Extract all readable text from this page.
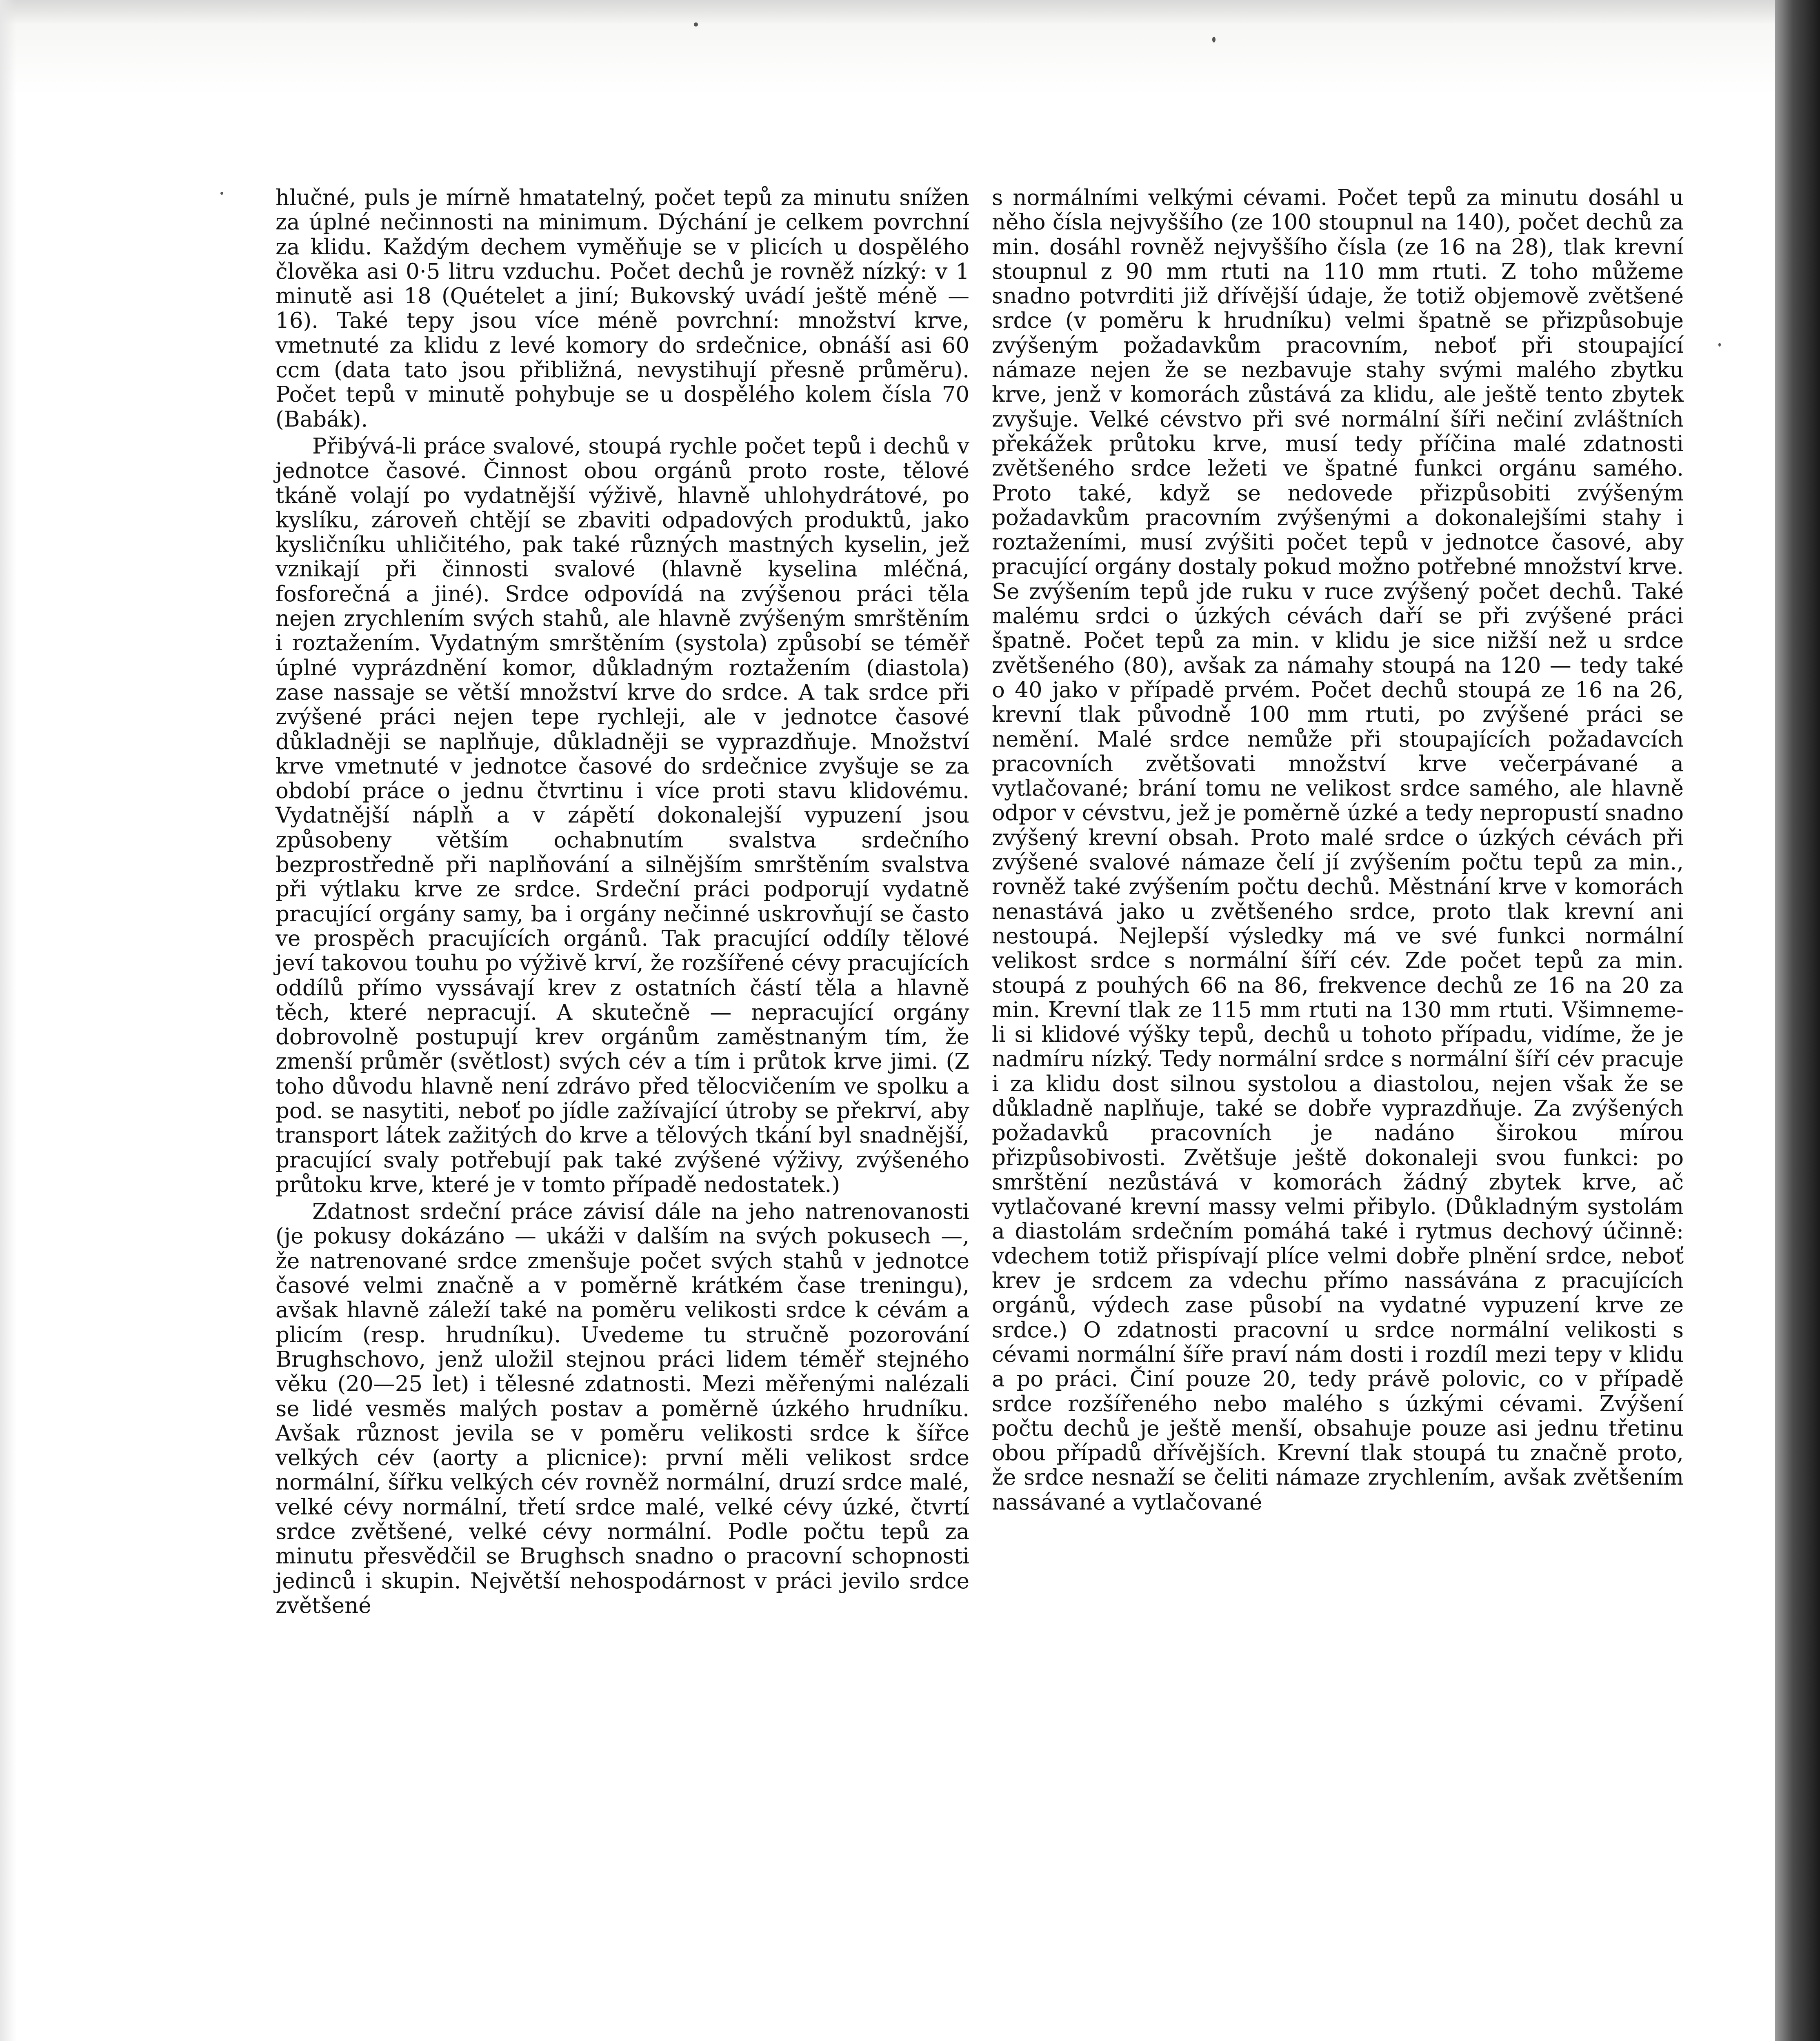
hlučné, puls je mírně hmatatelný, počet tepů za minutu snížen za úplné nečinnosti na minimum. Dýchání je celkem povrchní za klidu. Každým dechem vyměňuje se v plicích u dospělého člověka asi 0·5 litru vzduchu. Počet dechů je rovněž nízký: v 1 minutě asi 18 (Quételet a jiní; Bukovský uvádí ještě méně — 16). Také tepy jsou více méně povrchní: množství krve, vmetnuté za klidu z levé komory do srdečnice, obnáší asi 60 ccm (data tato jsou přibližná, nevystihují přesně průměru). Počet tepů v minutě pohybuje se u dospělého kolem čísla 70 (Babák).

Přibývá-li práce svalové, stoupá rychle počet tepů i dechů v jednotce časové. Činnost obou orgánů proto roste, tělové tkáně volají po vydatnější výživě, hlavně uhlohydrátové, po kyslíku, zároveň chtějí se zbaviti odpadových produktů, jako kysličníku uhličitého, pak také různých mastných kyselin, jež vznikají při činnosti svalové (hlavně kyselina mléčná, fosforečná a jiné). Srdce odpovídá na zvýšenou práci těla nejen zrychlením svých stahů, ale hlavně zvýšeným smrštěním i roztažením. Vydatným smrštěním (systola) způsobí se téměř úplné vyprázdnění komor, důkladným roztažením (diastola) zase nassaje se větší množství krve do srdce. A tak srdce při zvýšené práci nejen tepe rychleji, ale v jednotce časové důkladněji se naplňuje, důkladněji se vyprazdňuje. Množství krve vmetnuté v jednotce časové do srdečnice zvyšuje se za období práce o jednu čtvrtinu i více proti stavu klidovému. Vydatnější náplň a v zápětí dokonalejší vypuzení jsou způsobeny větším ochabnutím svalstva srdečního bezprostředně při naplňování a silnějším smrštěním svalstva při výtlaku krve ze srdce. Srdeční práci podporují vydatně pracující orgány samy, ba i orgány nečinné uskrovňují se často ve prospěch pracujících orgánů. Tak pracující oddíly tělové jeví takovou touhu po výživě krví, že rozšířené cévy pracujících oddílů přímo vyssávají krev z ostatních částí těla a hlavně těch, které nepracují. A skutečně — nepracující orgány dobrovolně postupují krev orgánům zaměstnaným tím, že zmenší průměr (světlost) svých cév a tím i průtok krve jimi. (Z toho důvodu hlavně není zdrávo před tělocvičením ve spolku a pod. se nasytiti, neboť po jídle zažívající útroby se překrví, aby transport látek zažitých do krve a tělových tkání byl snadnější, pracující svaly potřebují pak také zvýšené výživy, zvýšeného průtoku krve, které je v tomto případě nedostatek.)

Zdatnost srdeční práce závisí dále na jeho natrenovanosti (je pokusy dokázáno — ukáži v dalším na svých pokusech —, že natrenované srdce zmenšuje počet svých stahů v jednotce časové velmi značně a v poměrně krátkém čase treningu), avšak hlavně záleží také na poměru velikosti srdce k cévám a plicím (resp. hrudníku). Uvedeme tu stručně pozorování Brughschovo, jenž uložil stejnou práci lidem téměř stejného věku (20—25 let) i tělesné zdatnosti. Mezi měřenými nalézali se lidé vesměs malých postav a poměrně úzkého hrudníku. Avšak různost jevila se v poměru velikosti srdce k šířce velkých cév (aorty a plicnice): první měli velikost srdce normální, šířku velkých cév rovněž normální, druzí srdce malé, velké cévy normální, třetí srdce malé, velké cévy úzké, čtvrtí srdce zvětšené, velké cévy normální. Podle počtu tepů za minutu přesvědčil se Brughsch snadno o pracovní schopnosti jedinců i skupin. Největší nehospodárnost v práci jevilo srdce zvětšené

s normálními velkými cévami. Počet tepů za minutu dosáhl u něho čísla nejvyššího (ze 100 stoupnul na 140), počet dechů za min. dosáhl rovněž nejvyššího čísla (ze 16 na 28), tlak krevní stoupnul z 90 mm rtuti na 110 mm rtuti. Z toho můžeme snadno potvrditi již dřívější údaje, že totiž objemově zvětšené srdce (v poměru k hrudníku) velmi špatně se přizpůsobuje zvýšeným požadavkům pracovním, neboť při stoupající námaze nejen že se nezbavuje stahy svými malého zbytku krve, jenž v komorách zůstává za klidu, ale ještě tento zbytek zvyšuje. Velké cévstvo při své normální šíři nečiní zvláštních překážek průtoku krve, musí tedy příčina malé zdatnosti zvětšeného srdce ležeti ve špatné funkci orgánu samého. Proto také, když se nedovede přizpůsobiti zvýšeným požadavkům pracovním zvýšenými a dokonalejšími stahy i roztaženími, musí zvýšiti počet tepů v jednotce časové, aby pracující orgány dostaly pokud možno potřebné množství krve. Se zvýšením tepů jde ruku v ruce zvýšený počet dechů. Také malému srdci o úzkých cévách daří se při zvýšené práci špatně. Počet tepů za min. v klidu je sice nižší než u srdce zvětšeného (80), avšak za námahy stoupá na 120 — tedy také o 40 jako v případě prvém. Počet dechů stoupá ze 16 na 26, krevní tlak původně 100 mm rtuti, po zvýšené práci se nemění. Malé srdce nemůže při stoupajících požadavcích pracovních zvětšovati množství krve večerpávané a vytlačované; brání tomu ne velikost srdce samého, ale hlavně odpor v cévstvu, jež je poměrně úzké a tedy nepropustí snadno zvýšený krevní obsah. Proto malé srdce o úzkých cévách při zvýšené svalové námaze čelí jí zvýšením počtu tepů za min., rovněž také zvýšením počtu dechů. Městnání krve v komorách nenastává jako u zvětšeného srdce, proto tlak krevní ani nestoupá. Nejlepší výsledky má ve své funkci normální velikost srdce s normální šíří cév. Zde počet tepů za min. stoupá z pouhých 66 na 86, frekvence dechů ze 16 na 20 za min. Krevní tlak ze 115 mm rtuti na 130 mm rtuti. Všimneme-li si klidové výšky tepů, dechů u tohoto případu, vidíme, že je nadmíru nízký. Tedy normální srdce s normální šíří cév pracuje i za klidu dost silnou systolou a diastolou, nejen však že se důkladně naplňuje, také se dobře vyprazdňuje. Za zvýšených požadavků pracovních je nadáno širokou mírou přizpůsobivosti. Zvětšuje ještě dokonaleji svou funkci: po smrštění nezůstává v komorách žádný zbytek krve, ač vytlačované krevní massy velmi přibylo. (Důkladným systolám a diastolám srdečním pomáhá také i rytmus dechový účinně: vdechem totiž přispívají plíce velmi dobře plnění srdce, neboť krev je srdcem za vdechu přímo nassávána z pracujících orgánů, výdech zase působí na vydatné vypuzení krve ze srdce.) O zdatnosti pracovní u srdce normální velikosti s cévami normální šíře praví nám dosti i rozdíl mezi tepy v klidu a po práci. Činí pouze 20, tedy právě polovic, co v případě srdce rozšířeného nebo malého s úzkými cévami. Zvýšení počtu dechů je ještě menší, obsahuje pouze asi jednu třetinu obou případů dřívějších. Krevní tlak stoupá tu značně proto, že srdce nesnaží se čeliti námaze zrychlením, avšak zvětšením nassávané a vytlačované
